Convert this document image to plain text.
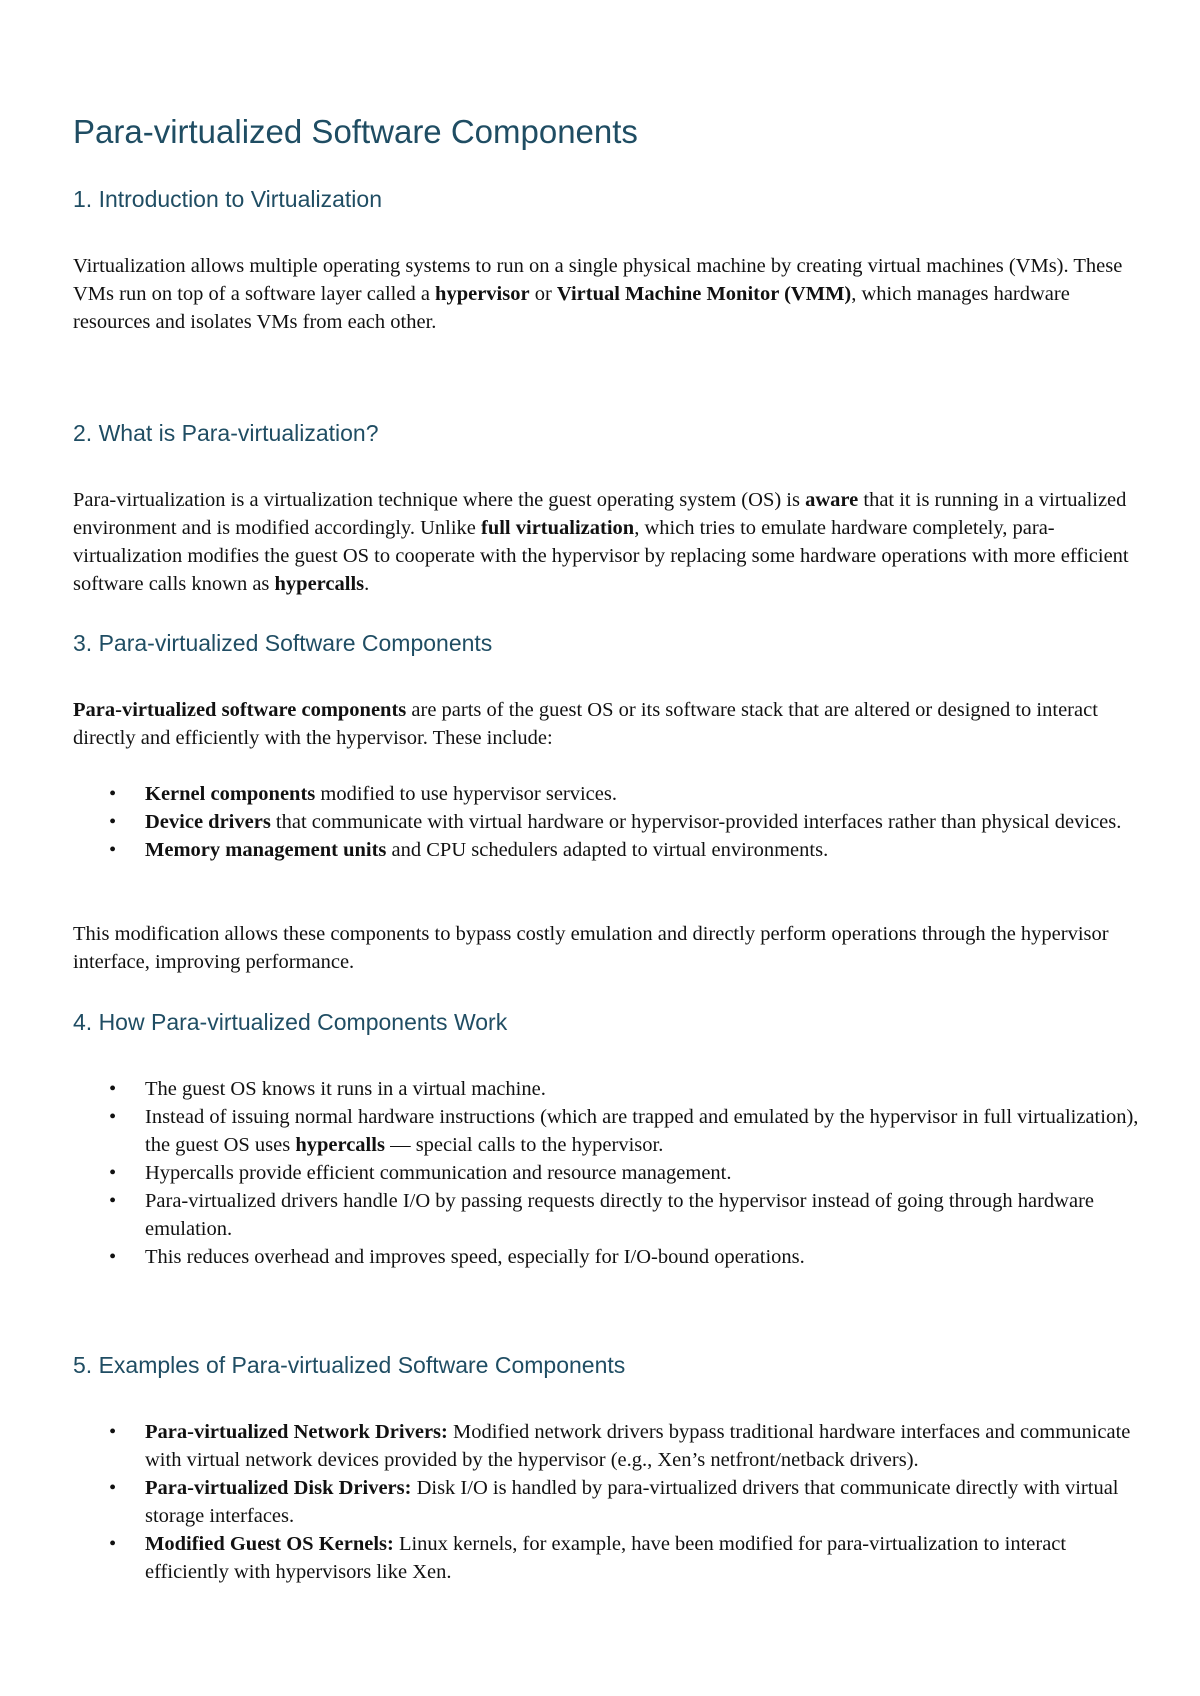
Para-virtualized Software Components
1. Introduction to Virtualization

Virtualization allows multiple operating systems to run on a single physical machine by creating virtual machines (VMs). These VMs run on top of a software layer called a hypervisor or Virtual Machine Monitor (VMM), which manages hardware resources and isolates VMs from each other.

2. What is Para-virtualization?

Para-virtualization is a virtualization technique where the guest operating system (OS) is aware that it is running in a virtualized environment and is modified accordingly. Unlike full virtualization, which tries to emulate hardware completely, para-virtualization modifies the guest OS to cooperate with the hypervisor by replacing some hardware operations with more efficient software calls known as hypercalls.

3. Para-virtualized Software Components

Para-virtualized software components are parts of the guest OS or its software stack that are altered or designed to interact directly and efficiently with the hypervisor. These include:

• Kernel components modified to use hypervisor services.
• Device drivers that communicate with virtual hardware or hypervisor-provided interfaces rather than physical devices.
• Memory management units and CPU schedulers adapted to virtual environments.

This modification allows these components to bypass costly emulation and directly perform operations through the hypervisor interface, improving performance.

4. How Para-virtualized Components Work
• The guest OS knows it runs in a virtual machine.
• Instead of issuing normal hardware instructions (which are trapped and emulated by the hypervisor in full virtualization), the guest OS uses hypercalls — special calls to the hypervisor.
• Hypercalls provide efficient communication and resource management.
• Para-virtualized drivers handle I/O by passing requests directly to the hypervisor instead of going through hardware emulation.
• This reduces overhead and improves speed, especially for I/O-bound operations.
5. Examples of Para-virtualized Software Components
• Para-virtualized Network Drivers: Modified network drivers bypass traditional hardware interfaces and communicate with virtual network devices provided by the hypervisor (e.g., Xen’s netfront/netback drivers).
• Para-virtualized Disk Drivers: Disk I/O is handled by para-virtualized drivers that communicate directly with virtual storage interfaces.
• Modified Guest OS Kernels: Linux kernels, for example, have been modified for para-virtualization to interact efficiently with hypervisors like Xen.
